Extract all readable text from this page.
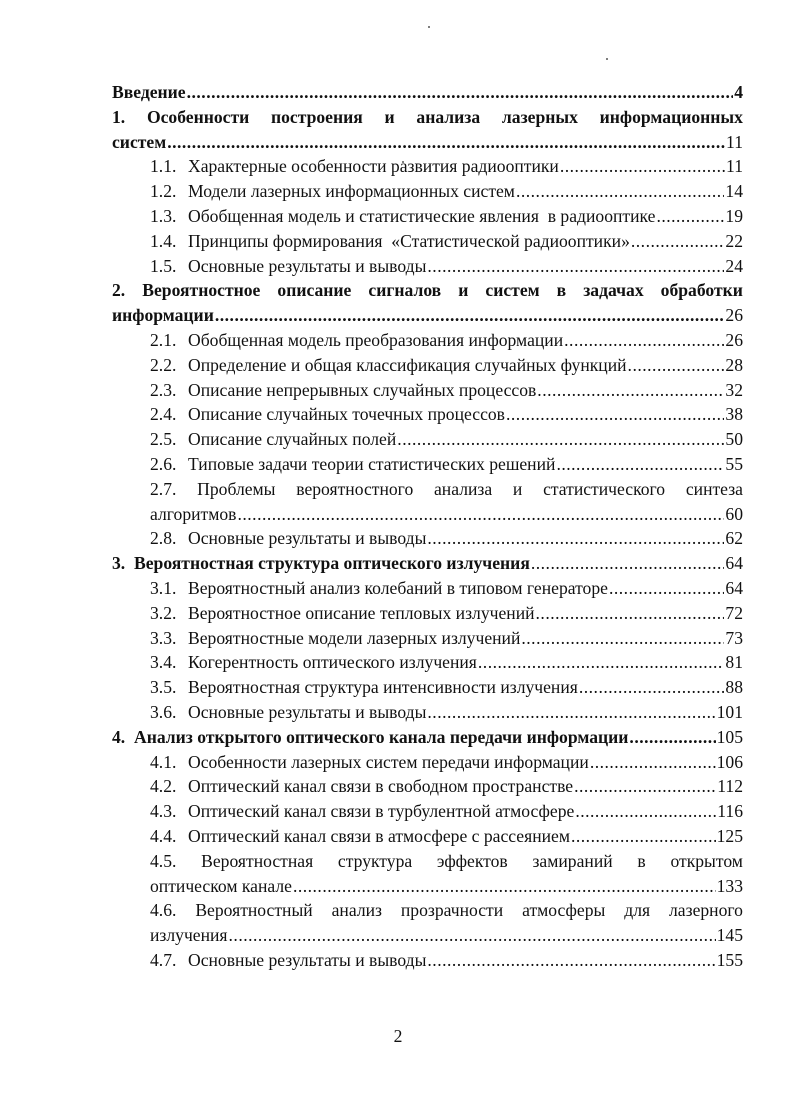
Введение .....	4
1. Особенности построения и анализа лазерных информационных
систем .....	11
1.1. Характерные особенности развития радиооптики .....	11
1.2. Модели лазерных информационных систем .....	14
1.3. Обобщенная модель и статистические явления  в радиооптике .....	19
1.4. Принципы формирования  «Статистической радиооптики» .....	22
1.5. Основные результаты и выводы .....	24
2. Вероятностное описание сигналов и систем в задачах обработки
информации .....	26
2.1. Обобщенная модель преобразования информации .....	26
2.2. Определение и общая классификация случайных функций .....	28
2.3. Описание непрерывных случайных процессов .....	32
2.4. Описание случайных точечных процессов .....	38
2.5. Описание случайных полей .....	50
2.6. Типовые задачи теории статистических решений .....	55
2.7. Проблемы вероятностного анализа и статистического синтеза
алгоритмов .....	60
2.8. Основные результаты и выводы .....	62
3.  Вероятностная структура оптического излучения .....	64
3.1. Вероятностный анализ колебаний в типовом генераторе .....	64
3.2. Вероятностное описание тепловых излучений .....	72
3.3. Вероятностные модели лазерных излучений .....	73
3.4. Когерентность оптического излучения .....	81
3.5. Вероятностная структура интенсивности излучения .....	88
3.6. Основные результаты и выводы .....	101
4.  Анализ открытого оптического канала передачи информации .....	105
4.1. Особенности лазерных систем передачи информации .....	106
4.2. Оптический канал связи в свободном пространстве .....	112
4.3. Оптический канал связи в турбулентной атмосфере .....	116
4.4. Оптический канал связи в атмосфере с рассеянием .....	125
4.5. Вероятностная структура эффектов замираний в открытом
оптическом канале .....	133
4.6. Вероятностный анализ прозрачности атмосферы для лазерного
излучения .....	145
4.7. Основные результаты и выводы .....	155
2
